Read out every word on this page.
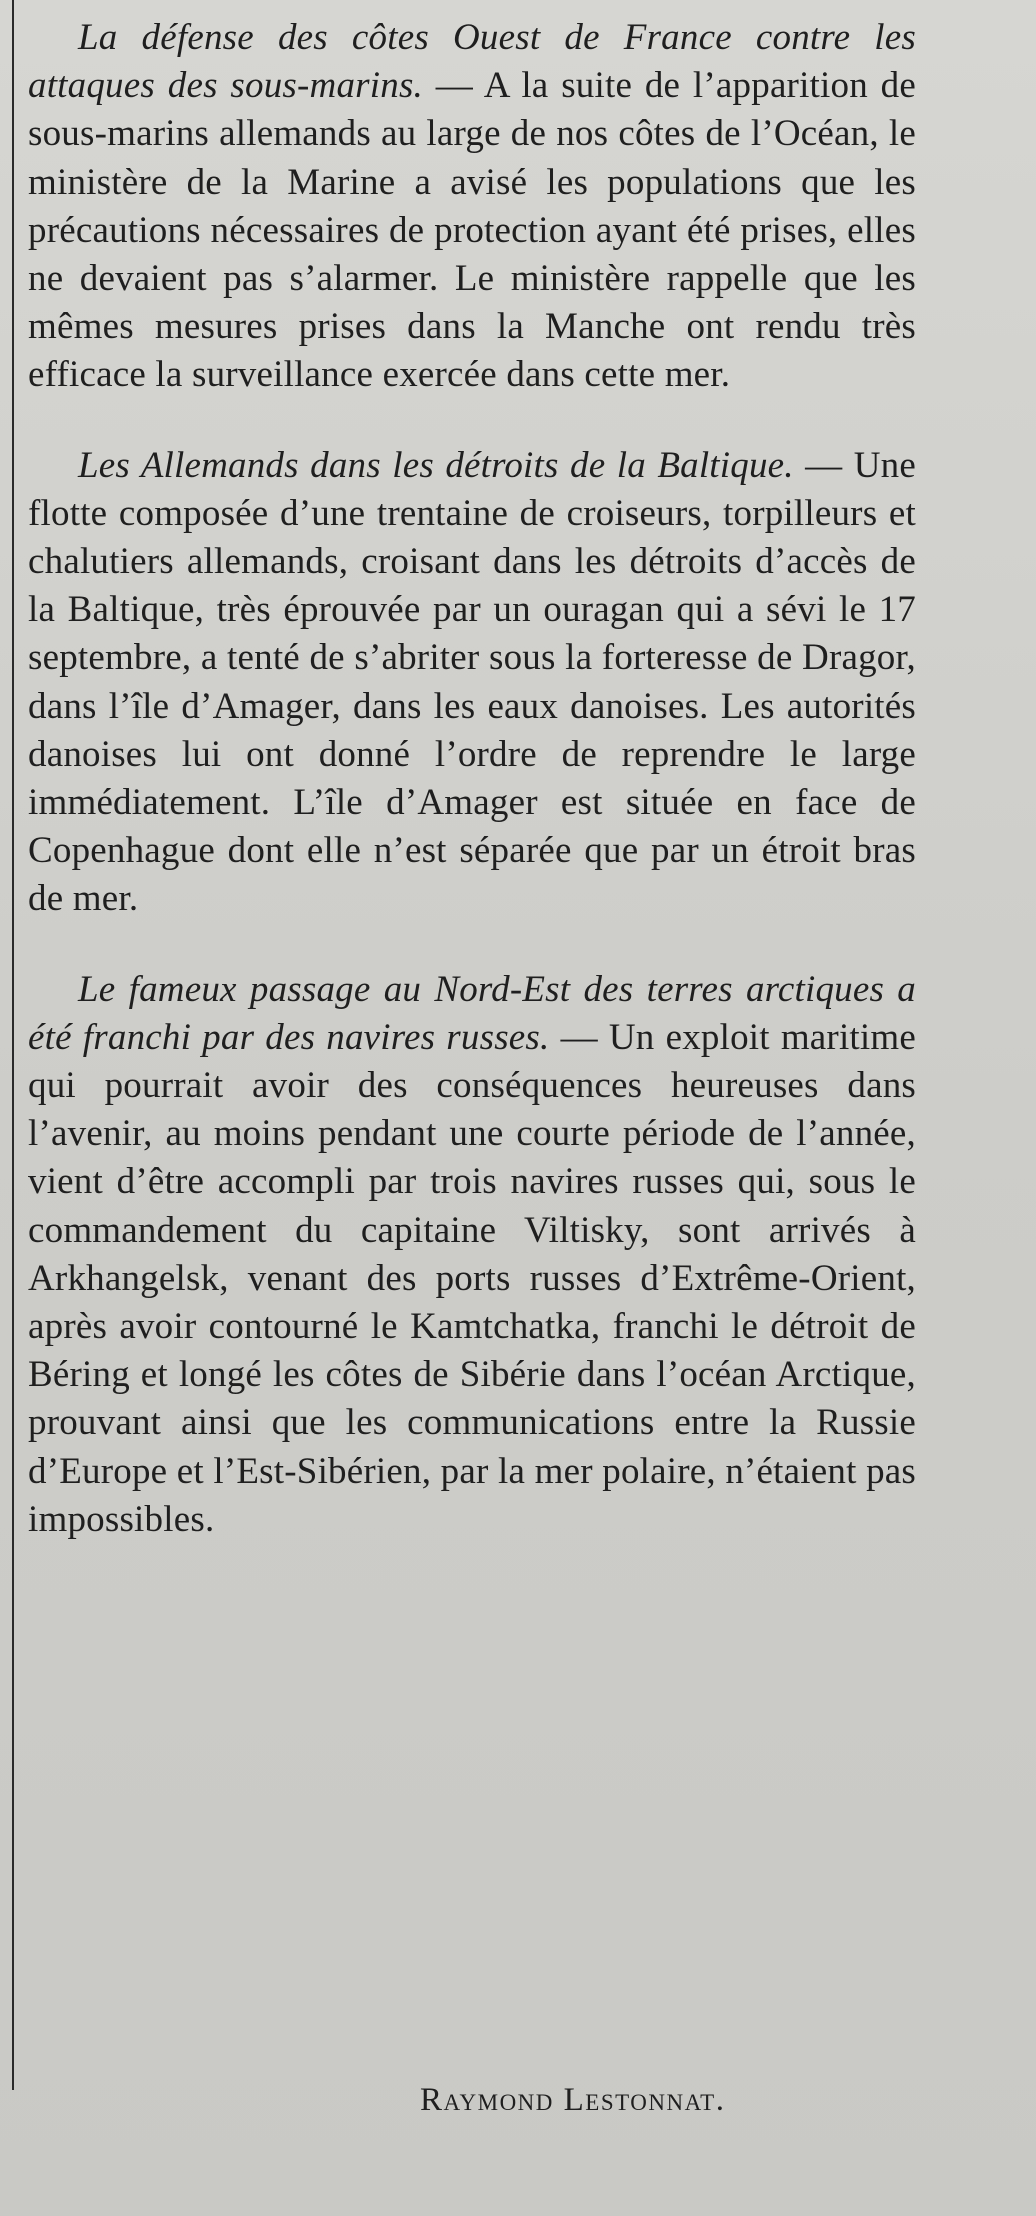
La défense des côtes Ouest de France contre les attaques des sous-marins. — A la suite de l’apparition de sous-marins allemands au large de nos côtes de l’Océan, le ministère de la Marine a avisé les populations que les précautions nécessaires de protection ayant été prises, elles ne devaient pas s’alarmer. Le ministère rappelle que les mêmes mesures prises dans la Manche ont rendu très efficace la surveillance exercée dans cette mer.

Les Allemands dans les détroits de la Baltique. — Une flotte composée d’une trentaine de croiseurs, torpilleurs et chalutiers allemands, croisant dans les détroits d’accès de la Baltique, très éprouvée par un ouragan qui a sévi le 17 septembre, a tenté de s’abriter sous la forteresse de Dragor, dans l’île d’Amager, dans les eaux danoises. Les autorités danoises lui ont donné l’ordre de reprendre le large immédiatement. L’île d’Amager est située en face de Copenhague dont elle n’est séparée que par un étroit bras de mer.

Le fameux passage au Nord-Est des terres arctiques a été franchi par des navires russes. — Un exploit maritime qui pourrait avoir des conséquences heureuses dans l’avenir, au moins pendant une courte période de l’année, vient d’être accompli par trois navires russes qui, sous le commandement du capitaine Viltisky, sont arrivés à Arkhangelsk, venant des ports russes d’Extrême-Orient, après avoir contourné le Kamtchatka, franchi le détroit de Béring et longé les côtes de Sibérie dans l’océan Arctique, prouvant ainsi que les communications entre la Russie d’Europe et l’Est-Sibérien, par la mer polaire, n’étaient pas impossibles.

Raymond Lestonnat.
